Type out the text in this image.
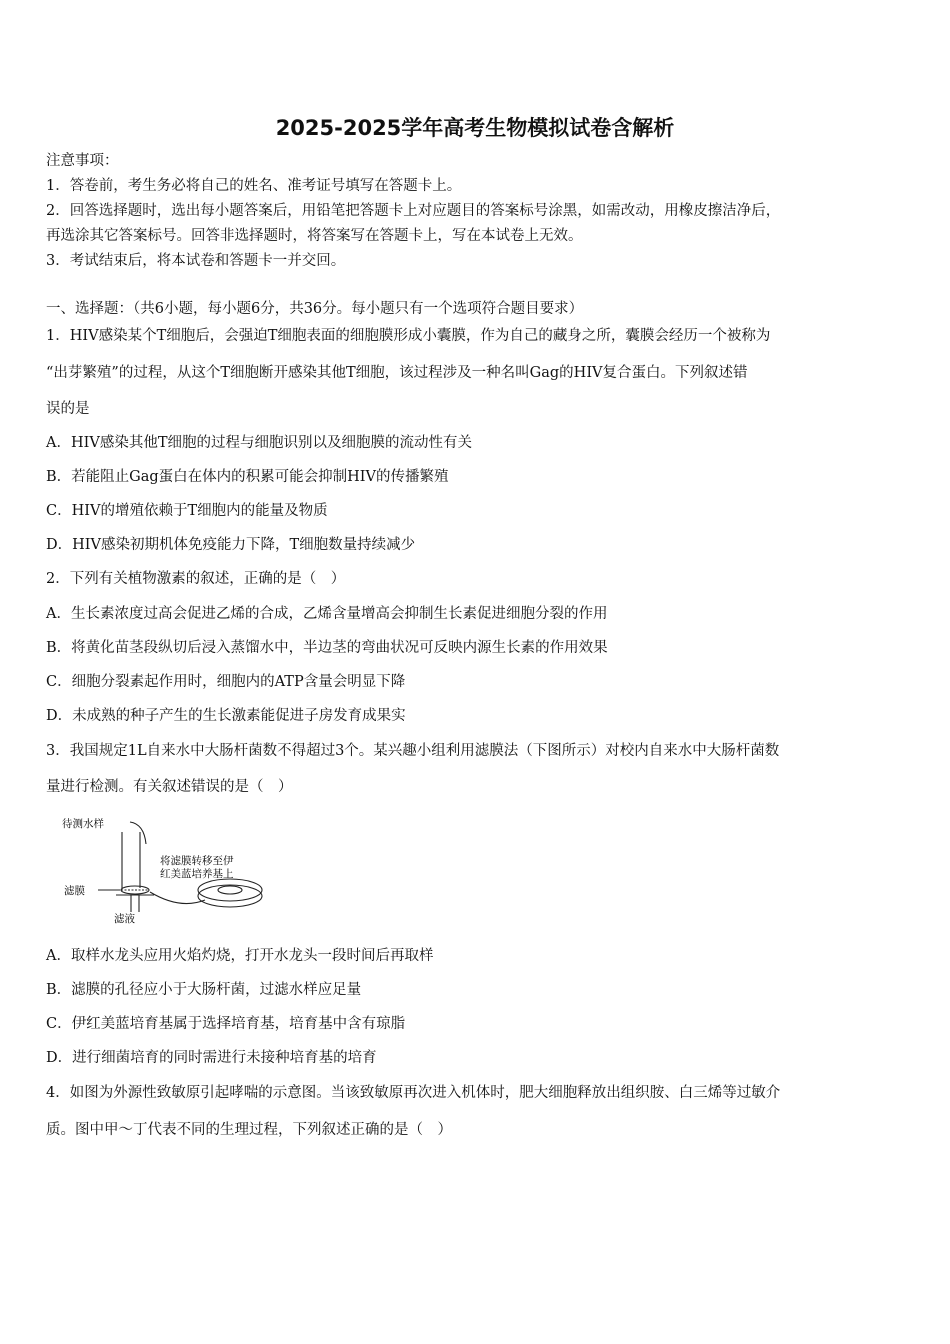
2025-2025学年高考生物模拟试卷含解析
注意事项：
1．答卷前，考生务必将自己的姓名、准考证号填写在答题卡上。
2．回答选择题时，选出每小题答案后，用铅笔把答题卡上对应题目的答案标号涂黑，如需改动，用橡皮擦洁净后，
再选涂其它答案标号。回答非选择题时，将答案写在答题卡上，写在本试卷上无效。
3．考试结束后，将本试卷和答题卡一并交回。
一、选择题：（共6小题，每小题6分，共36分。每小题只有一个选项符合题目要求）
1．HIV感染某个T细胞后，会强迫T细胞表面的细胞膜形成小囊膜，作为自己的藏身之所，囊膜会经历一个被称为
“出芽繁殖”的过程，从这个T细胞断开感染其他T细胞，该过程涉及一种名叫Gag的HIV复合蛋白。下列叙述错
误的是
A．HIV感染其他T细胞的过程与细胞识别以及细胞膜的流动性有关
B．若能阻止Gag蛋白在体内的积累可能会抑制HIV的传播繁殖
C．HIV的增殖依赖于T细胞内的能量及物质
D．HIV感染初期机体免疫能力下降，T细胞数量持续减少
2．下列有关植物激素的叙述，正确的是（　）
A．生长素浓度过高会促进乙烯的合成，乙烯含量增高会抑制生长素促进细胞分裂的作用
B．将黄化苗茎段纵切后浸入蒸馏水中，半边茎的弯曲状况可反映内源生长素的作用效果
C．细胞分裂素起作用时，细胞内的ATP含量会明显下降
D．未成熟的种子产生的生长激素能促进子房发育成果实
3．我国规定1L自来水中大肠杆菌数不得超过3个。某兴趣小组利用滤膜法（下图所示）对校内自来水中大肠杆菌数
量进行检测。有关叙述错误的是（　）
待测水样
滤膜
滤液
将滤膜转移至伊
红美蓝培养基上
A．取样水龙头应用火焰灼烧，打开水龙头一段时间后再取样
B．滤膜的孔径应小于大肠杆菌，过滤水样应足量
C．伊红美蓝培育基属于选择培育基，培育基中含有琼脂
D．进行细菌培育的同时需进行未接种培育基的培育
4．如图为外源性致敏原引起哮喘的示意图。当该致敏原再次进入机体时，肥大细胞释放出组织胺、白三烯等过敏介
质。图中甲～丁代表不同的生理过程，下列叙述正确的是（　）
